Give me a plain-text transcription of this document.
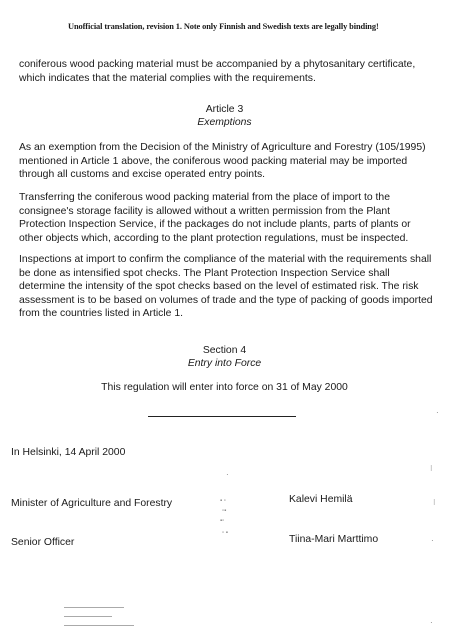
Unofficial translation, revision 1. Note only Finnish and Swedish texts are legally binding!

coniferous wood packing material must be accompanied by a phytosanitary certificate, which indicates that the material complies with the requirements.

Article 3
Exemptions

As an exemption from the Decision of the Ministry of Agriculture and Forestry (105/1995) mentioned in Article 1 above, the coniferous wood packing material may be imported through all customs and excise operated entry points.

Transferring the coniferous wood packing material from the place of import to the consignee's storage facility is allowed without a written permission from the Plant Protection Inspection Service, if the packages do not include plants, parts of plants or other objects which, according to the plant protection regulations, must be inspected.

Inspections at import to confirm the compliance of the material with the requirements shall be done as intensified spot checks. The Plant Protection Inspection Service shall determine the intensity of the spot checks based on the level of estimated risk. The risk assessment is to be based on volumes of trade and the type of packing of goods imported from the countries listed in Article 1.

Section 4
Entry into Force
This regulation will enter into force on 31 of May 2000
In Helsinki, 14 April 2000
Minister of Agriculture and Forestry	Kalevi Hemilä
Senior Officer	Tiina-Mari Marttimo
▪ ▫
▫▪
▪▫
▫ ▪
·
·
⁝
⁝
·
·
